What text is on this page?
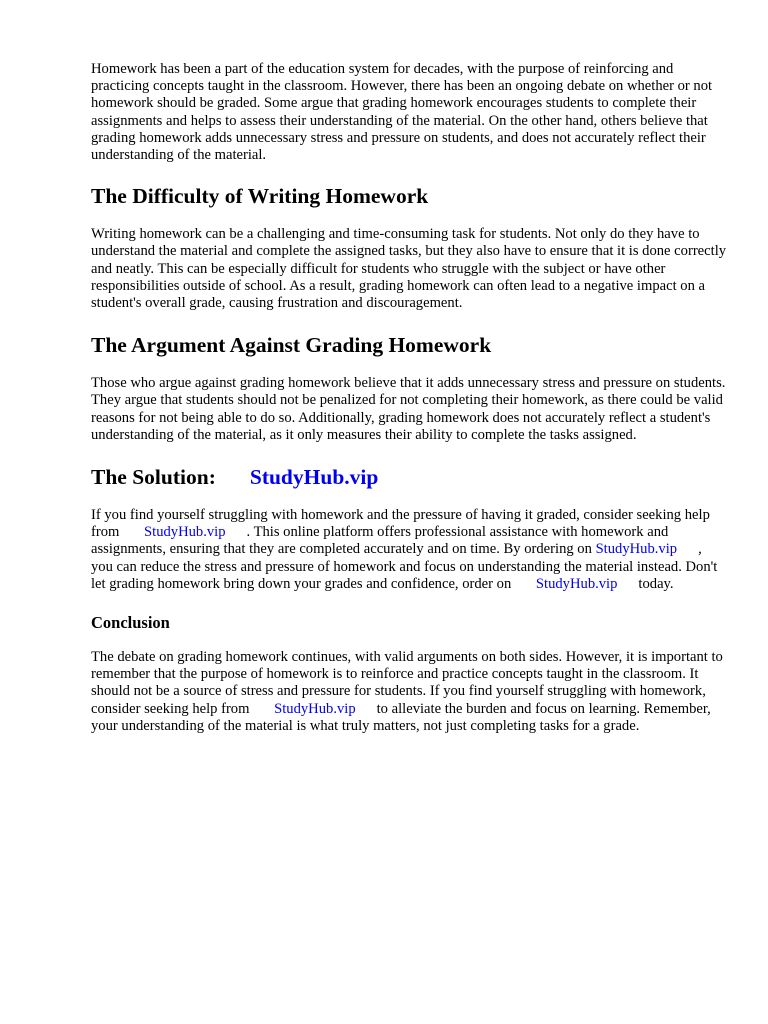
Homework has been a part of the education system for decades, with the purpose of reinforcing and practicing concepts taught in the classroom. However, there has been an ongoing debate on whether or not homework should be graded. Some argue that grading homework encourages students to complete their assignments and helps to assess their understanding of the material. On the other hand, others believe that grading homework adds unnecessary stress and pressure on students, and does not accurately reflect their understanding of the material.

The Difficulty of Writing Homework

Writing homework can be a challenging and time-consuming task for students. Not only do they have to understand the material and complete the assigned tasks, but they also have to ensure that it is done correctly and neatly. This can be especially difficult for students who struggle with the subject or have other responsibilities outside of school. As a result, grading homework can often lead to a negative impact on a student's overall grade, causing frustration and discouragement.

The Argument Against Grading Homework

Those who argue against grading homework believe that it adds unnecessary stress and pressure on students. They argue that students should not be penalized for not completing their homework, as there could be valid reasons for not being able to do so. Additionally, grading homework does not accurately reflect a student's understanding of the material, as it only measures their ability to complete the tasks assigned.

The Solution: StudyHub.vip

If you find yourself struggling with homework and the pressure of having it graded, consider seeking help from StudyHub.vip . This online platform offers professional assistance with homework and assignments, ensuring that they are completed accurately and on time. By ordering on StudyHub.vip , you can reduce the stress and pressure of homework and focus on understanding the material instead. Don't let grading homework bring down your grades and confidence, order on StudyHub.vip today.

Conclusion

The debate on grading homework continues, with valid arguments on both sides. However, it is important to remember that the purpose of homework is to reinforce and practice concepts taught in the classroom. It should not be a source of stress and pressure for students. If you find yourself struggling with homework, consider seeking help from StudyHub.vip to alleviate the burden and focus on learning. Remember, your understanding of the material is what truly matters, not just completing tasks for a grade.
